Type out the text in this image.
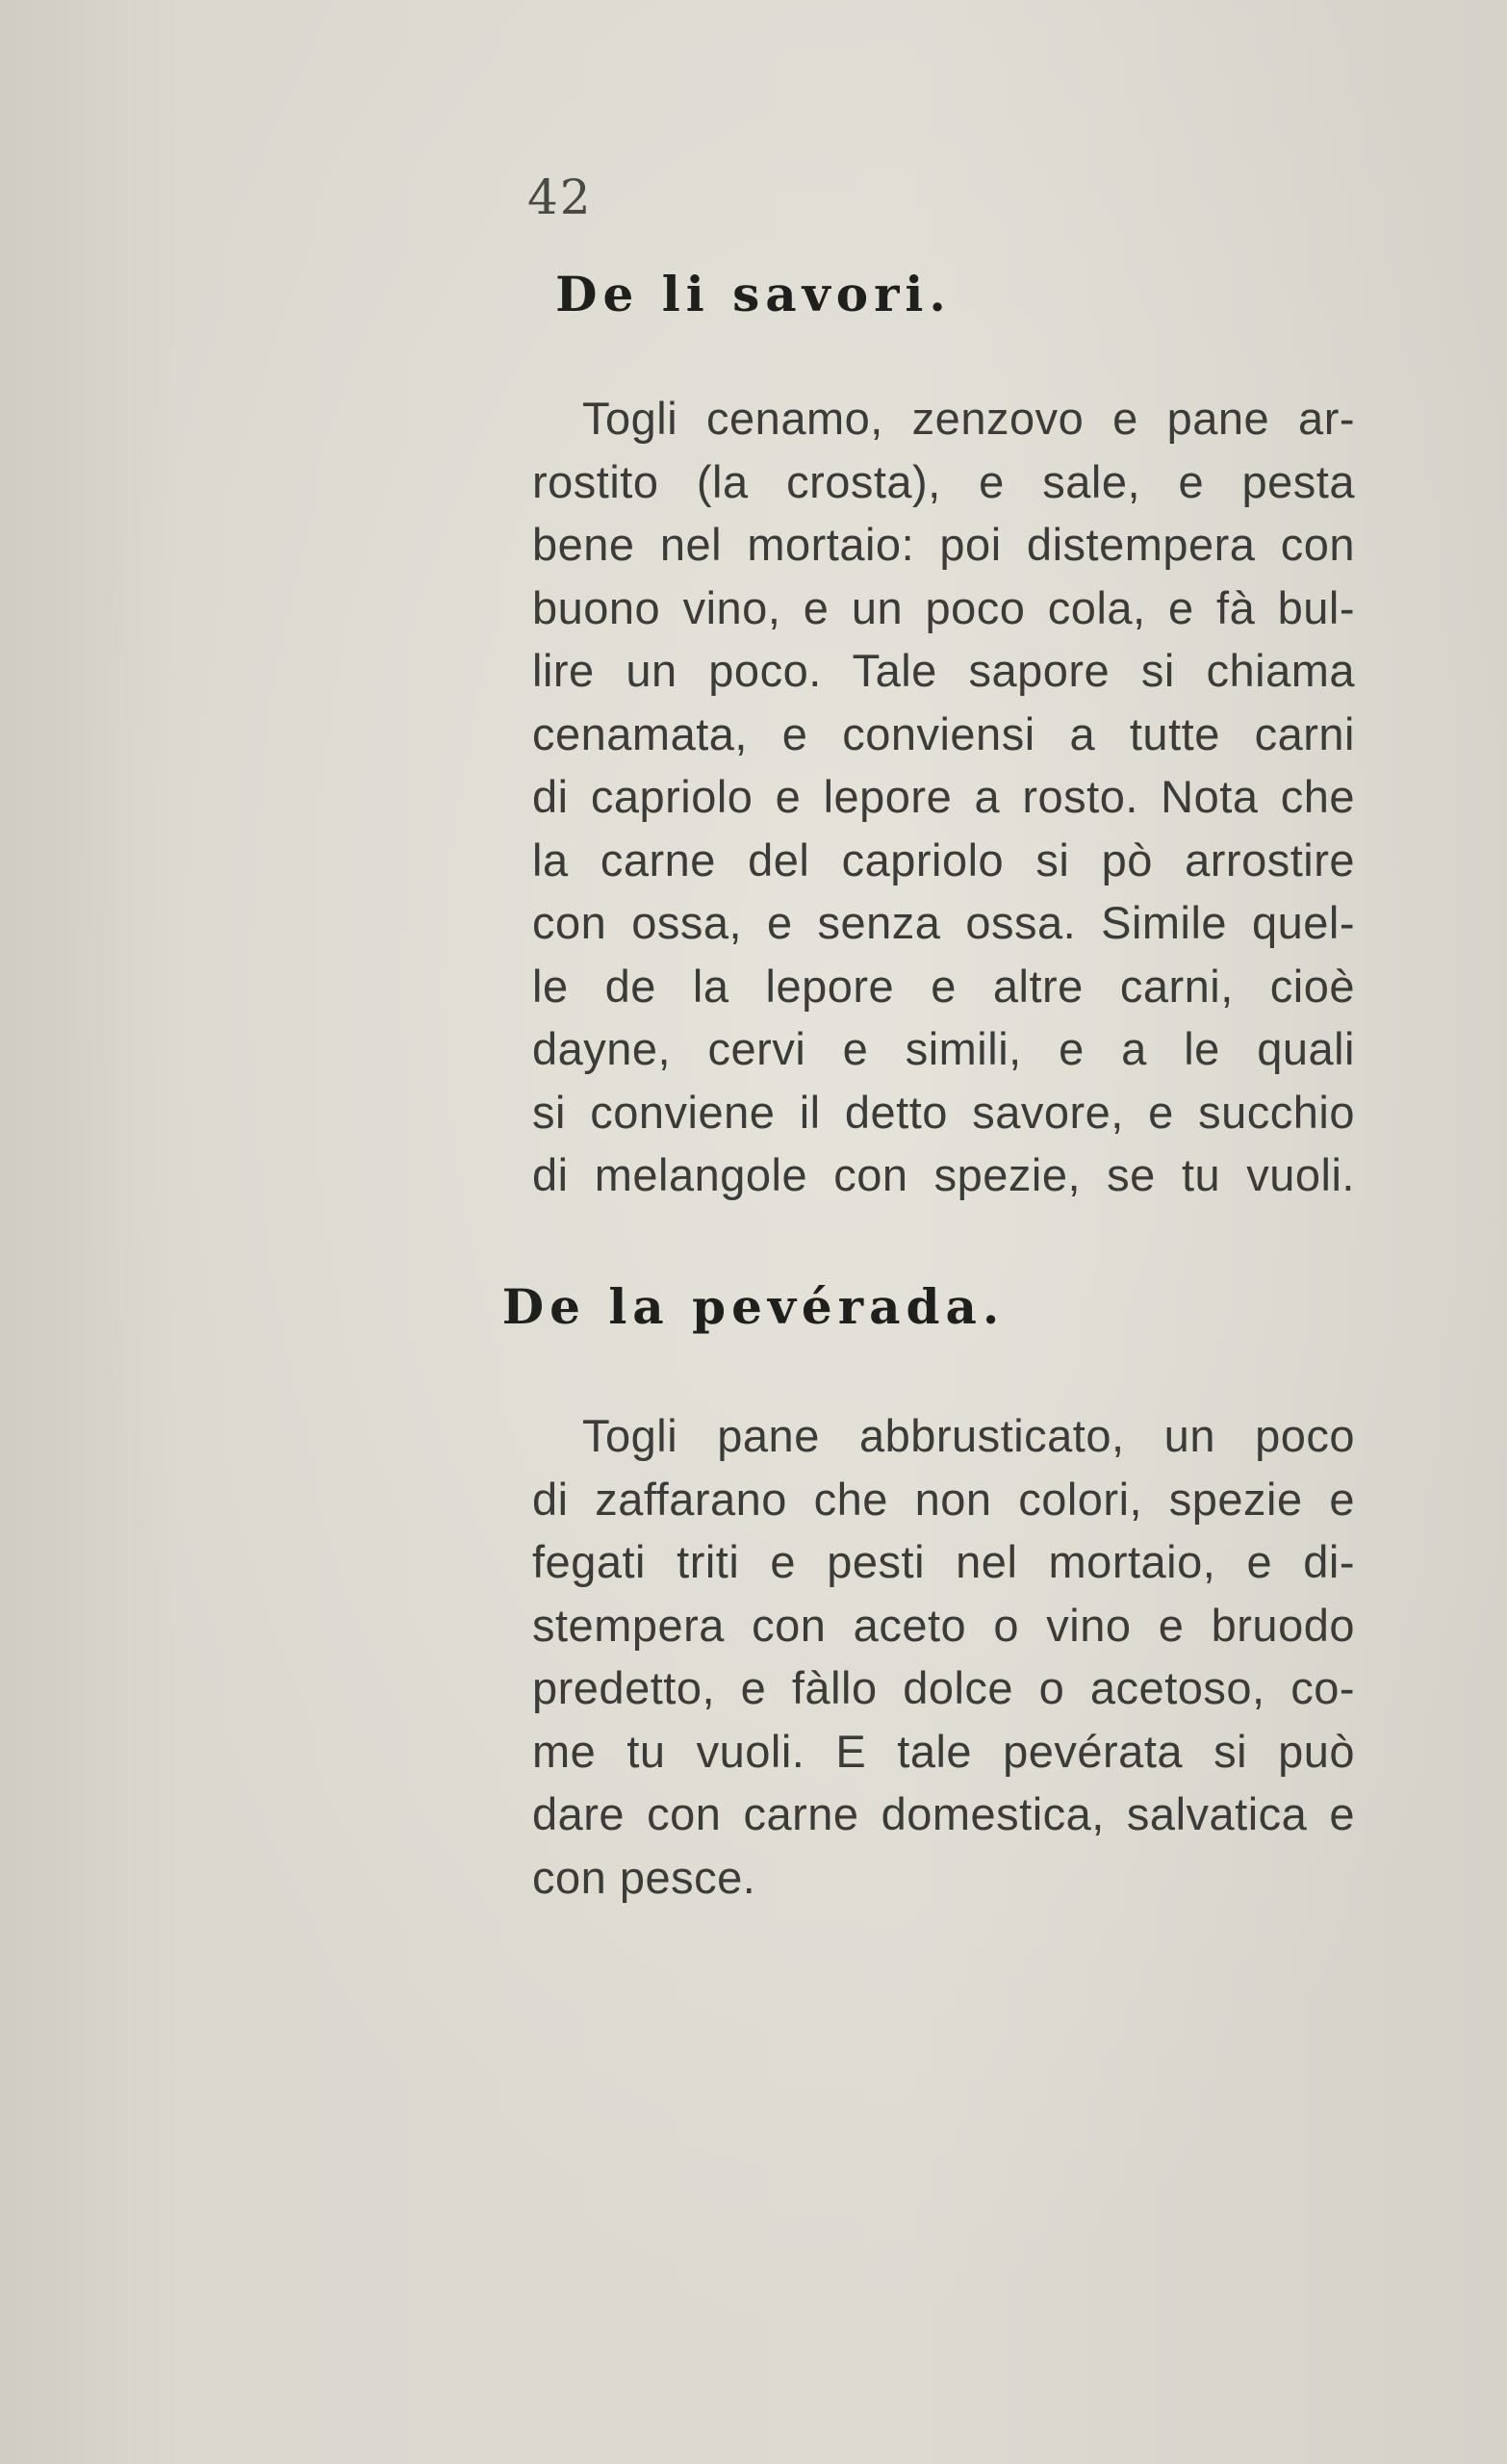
42
De li savori.
Togli cenamo, zenzovo e pane ar-
rostito (la crosta), e sale, e pesta
bene nel mortaio: poi distempera con
buono vino, e un poco cola, e fà bul-
lire un poco. Tale sapore si chiama
cenamata, e conviensi a tutte carni
di capriolo e lepore a rosto. Nota che
la carne del capriolo si pò arrostire
con ossa, e senza ossa. Simile quel-
le de la lepore e altre carni, cioè
dayne, cervi e simili, e a le quali
si conviene il detto savore, e succhio
di melangole con spezie, se tu vuoli.
De la pevérada.
Togli pane abbrusticato, un poco
di zaffarano che non colori, spezie e
fegati triti e pesti nel mortaio, e di-
stempera con aceto o vino e bruodo
predetto, e fàllo dolce o acetoso, co-
me tu vuoli. E tale pevérata si può
dare con carne domestica, salvatica e
con pesce.
